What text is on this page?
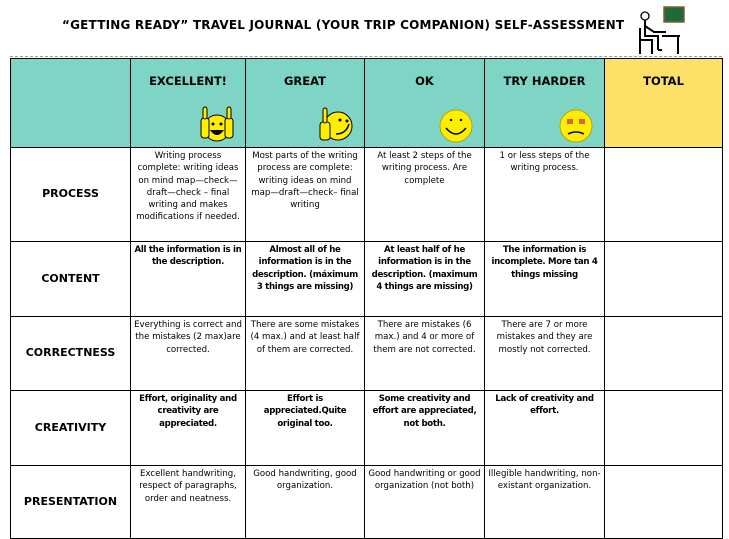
“GETTING READY” TRAVEL JOURNAL (YOUR TRIP COMPANION) SELF-ASSESSMENT
	EXCELLENT!	GREAT	OK	TRY HARDER	TOTAL
PROCESS	Writing process complete: writing ideas on mind map—check—draft—check – final writing and makes modifications if needed.	Most parts of the writing process are complete: writing ideas on mind map—draft—check– final writing	At least 2 steps of the writing process. Are complete	1 or less steps of the writing process.	
CONTENT	All the information is in the description.	Almost all of he information is in the description. (máximum 3 things are missing)	At least half of he information is in the description. (maximum 4 things are missing)	The information is incomplete. More tan 4 things missing	
CORRECTNESS	Everything is correct and the mistakes (2 max)are corrected.	There are some mistakes (4 max.) and at least half of them are corrected.	There are mistakes (6 max.) and 4 or more of them are not corrected.	There are 7 or more mistakes and they are mostly not corrected.	
CREATIVITY	Effort, originality and creativity are appreciated.	Effort is appreciated.Quite original too.	Some creativity and effort are appreciated, not both.	Lack of creativity and effort.	
PRESENTATION	Excellent handwriting, respect of paragraphs, order and neatness.	Good handwriting, good organization.	Good handwriting or good organization (not both)	Illegible handwriting, non-existant organization.	
